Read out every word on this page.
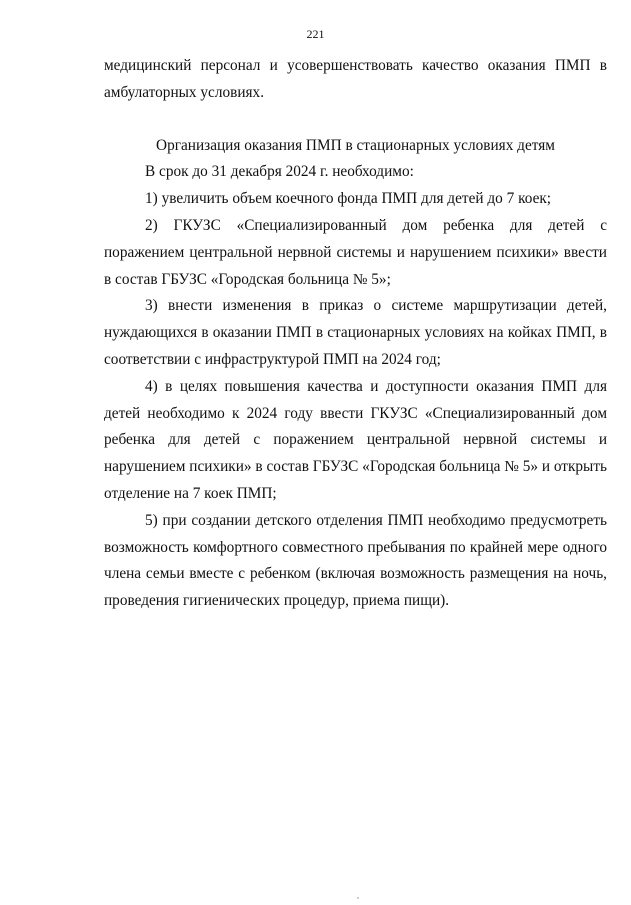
221

медицинский персонал и усовершенствовать качество оказания ПМП в амбулаторных условиях.

Организация оказания ПМП в стационарных условиях детям

В срок до 31 декабря 2024 г. необходимо:

1) увеличить объем коечного фонда ПМП для детей до 7 коек;

2) ГКУЗС «Специализированный дом ребенка для детей с поражением центральной нервной системы и нарушением психики» ввести в состав ГБУЗС «Городская больница № 5»;

3) внести изменения в приказ о системе маршрутизации детей, нуждающихся в оказании ПМП в стационарных условиях на койках ПМП, в соответствии с инфраструктурой ПМП на 2024 год;

4) в целях повышения качества и доступности оказания ПМП для детей необходимо к 2024 году ввести ГКУЗС «Специализированный дом ребенка для детей с поражением центральной нервной системы и нарушением психики» в состав ГБУЗС «Городская больница № 5» и открыть отделение на 7 коек ПМП;

5) при создании детского отделения ПМП необходимо предусмотреть возможность комфортного совместного пребывания по крайней мере одного члена семьи вместе с ребенком (включая возможность размещения на ночь, проведения гигиенических процедур, приема пищи).
